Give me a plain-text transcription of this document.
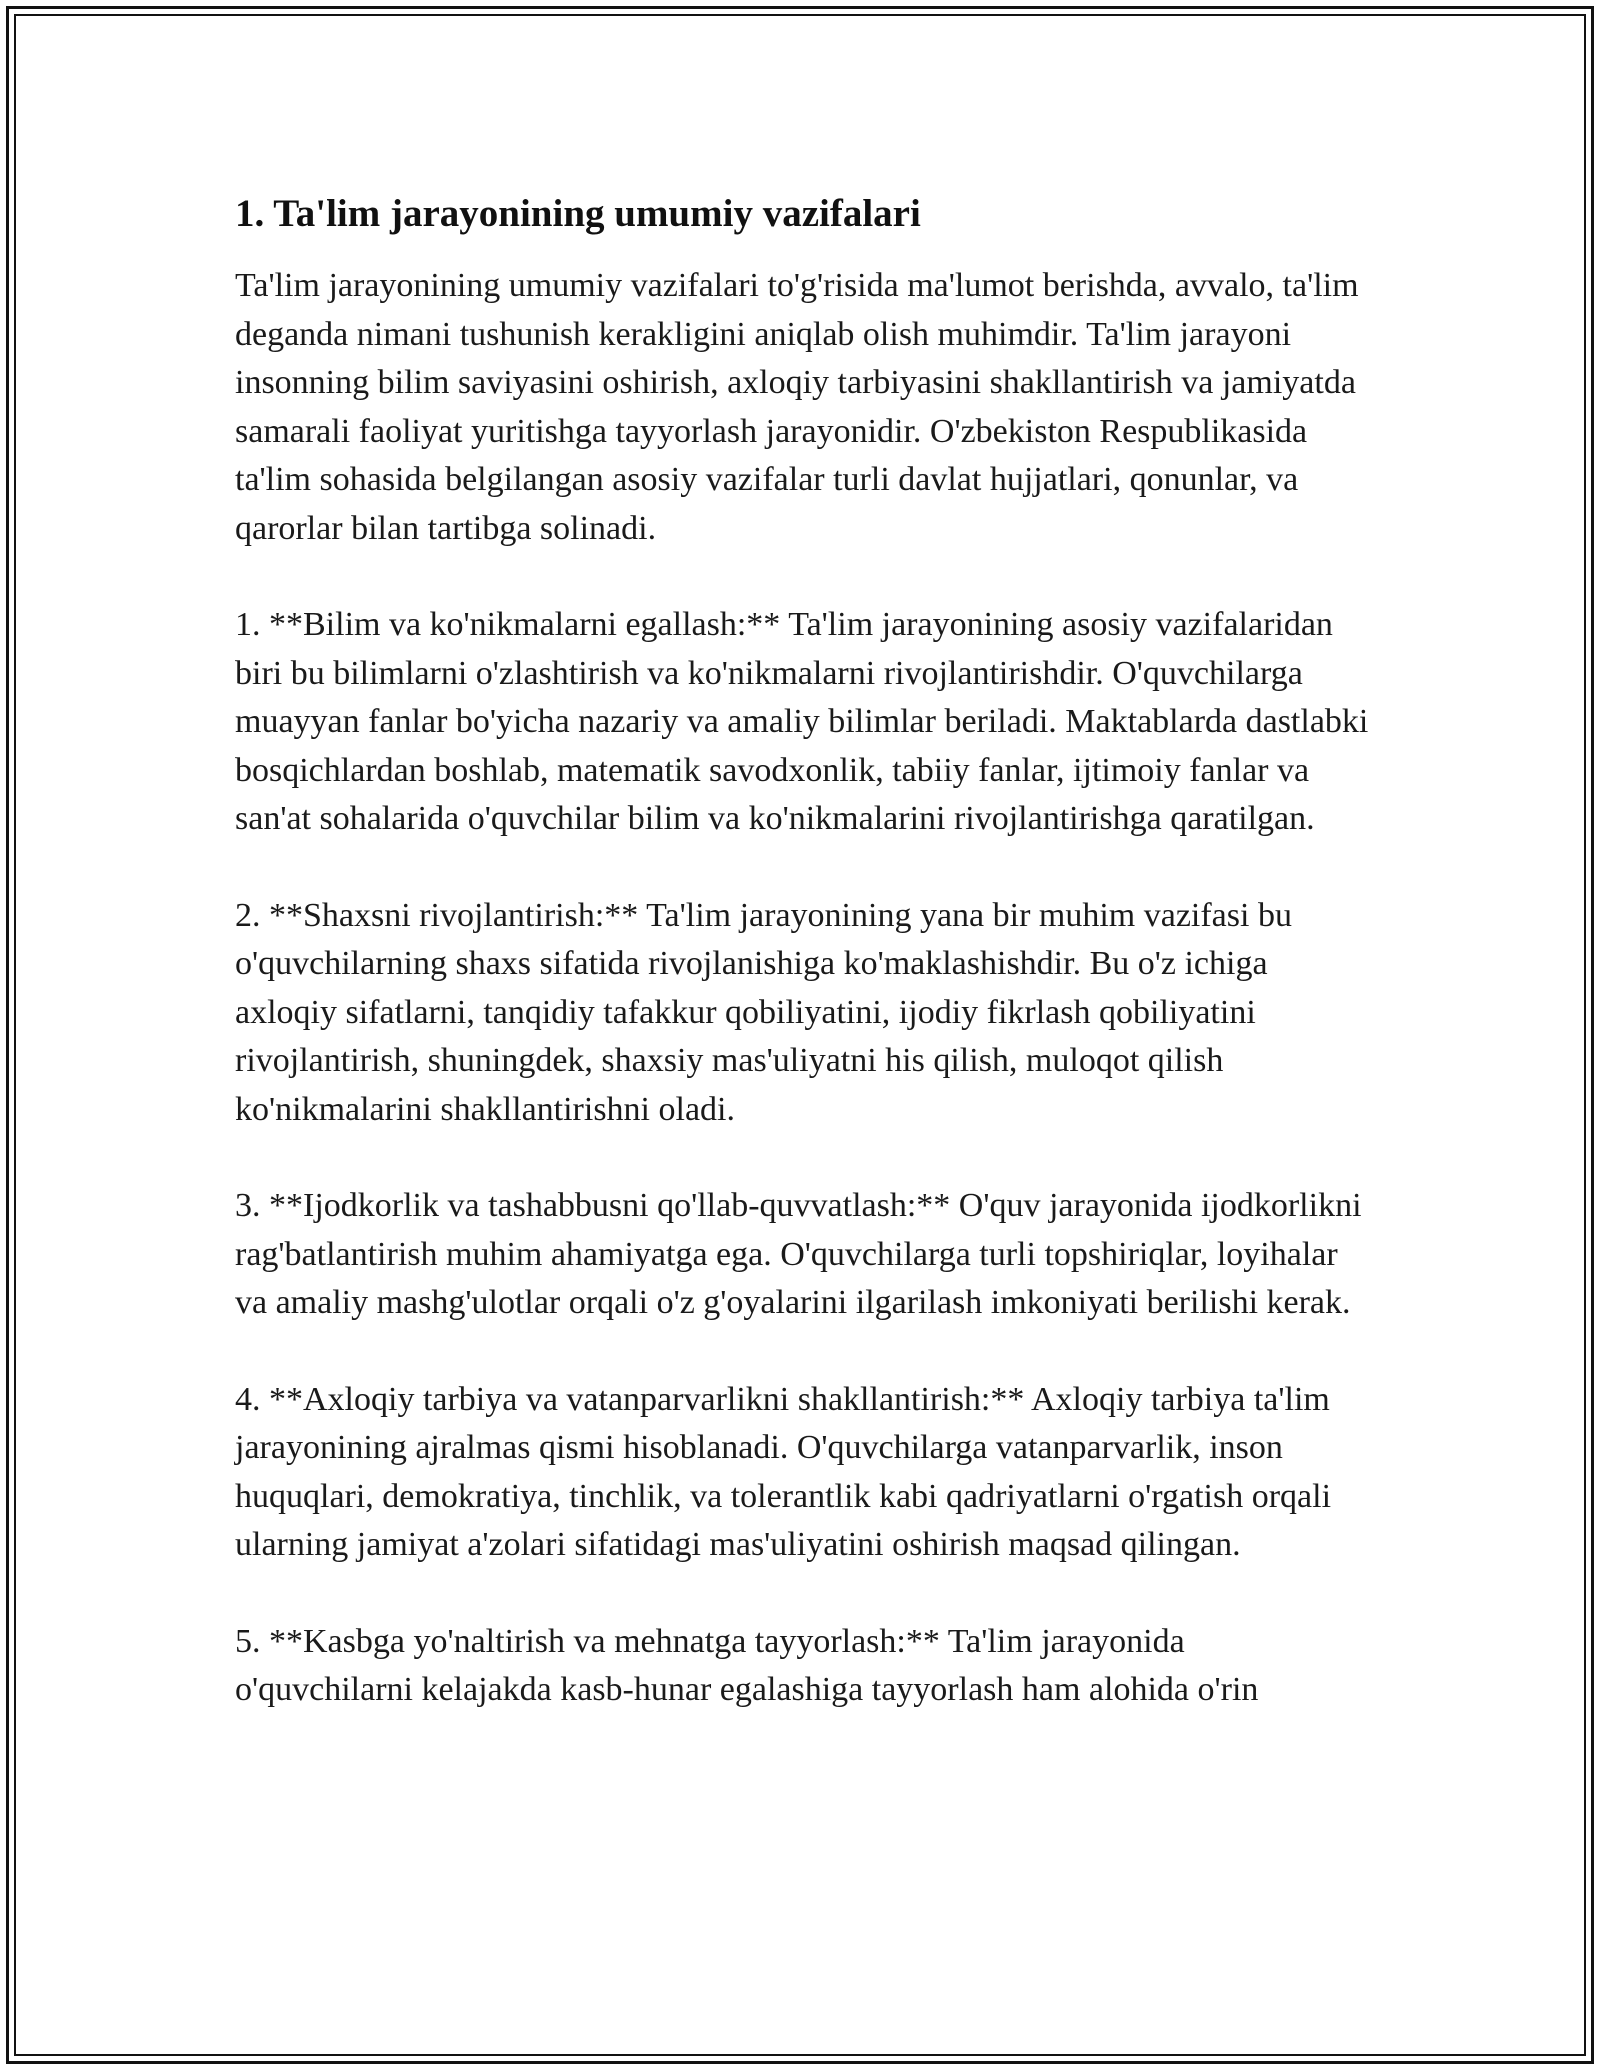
1. Ta'lim jarayonining umumiy vazifalari

Ta'lim jarayonining umumiy vazifalari to'g'risida ma'lumot berishda, avvalo, ta'lim deganda nimani tushunish kerakligini aniqlab olish muhimdir. Ta'lim jarayoni insonning bilim saviyasini oshirish, axloqiy tarbiyasini shakllantirish va jamiyatda samarali faoliyat yuritishga tayyorlash jarayonidir. O'zbekiston Respublikasida ta'lim sohasida belgilangan asosiy vazifalar turli davlat hujjatlari, qonunlar, va qarorlar bilan tartibga solinadi.

1. **Bilim va ko'nikmalarni egallash:** Ta'lim jarayonining asosiy vazifalaridan biri bu bilimlarni o'zlashtirish va ko'nikmalarni rivojlantirishdir. O'quvchilarga muayyan fanlar bo'yicha nazariy va amaliy bilimlar beriladi. Maktablarda dastlabki bosqichlardan boshlab, matematik savodxonlik, tabiiy fanlar, ijtimoiy fanlar va san'at sohalarida o'quvchilar bilim va ko'nikmalarini rivojlantirishga qaratilgan.

2. **Shaxsni rivojlantirish:** Ta'lim jarayonining yana bir muhim vazifasi bu o'quvchilarning shaxs sifatida rivojlanishiga ko'maklashishdir. Bu o'z ichiga axloqiy sifatlarni, tanqidiy tafakkur qobiliyatini, ijodiy fikrlash qobiliyatini rivojlantirish, shuningdek, shaxsiy mas'uliyatni his qilish, muloqot qilish ko'nikmalarini shakllantirishni oladi.

3. **Ijodkorlik va tashabbusni qo'llab-quvvatlash:** O'quv jarayonida ijodkorlikni rag'batlantirish muhim ahamiyatga ega. O'quvchilarga turli topshiriqlar, loyihalar va amaliy mashg'ulotlar orqali o'z g'oyalarini ilgarilash imkoniyati berilishi kerak.

4. **Axloqiy tarbiya va vatanparvarlikni shakllantirish:** Axloqiy tarbiya ta'lim jarayonining ajralmas qismi hisoblanadi. O'quvchilarga vatanparvarlik, inson huquqlari, demokratiya, tinchlik, va tolerantlik kabi qadriyatlarni o'rgatish orqali ularning jamiyat a'zolari sifatidagi mas'uliyatini oshirish maqsad qilingan.

5. **Kasbga yo'naltirish va mehnatga tayyorlash:** Ta'lim jarayonida o'quvchilarni kelajakda kasb-hunar egalashiga tayyorlash ham alohida o'rin
